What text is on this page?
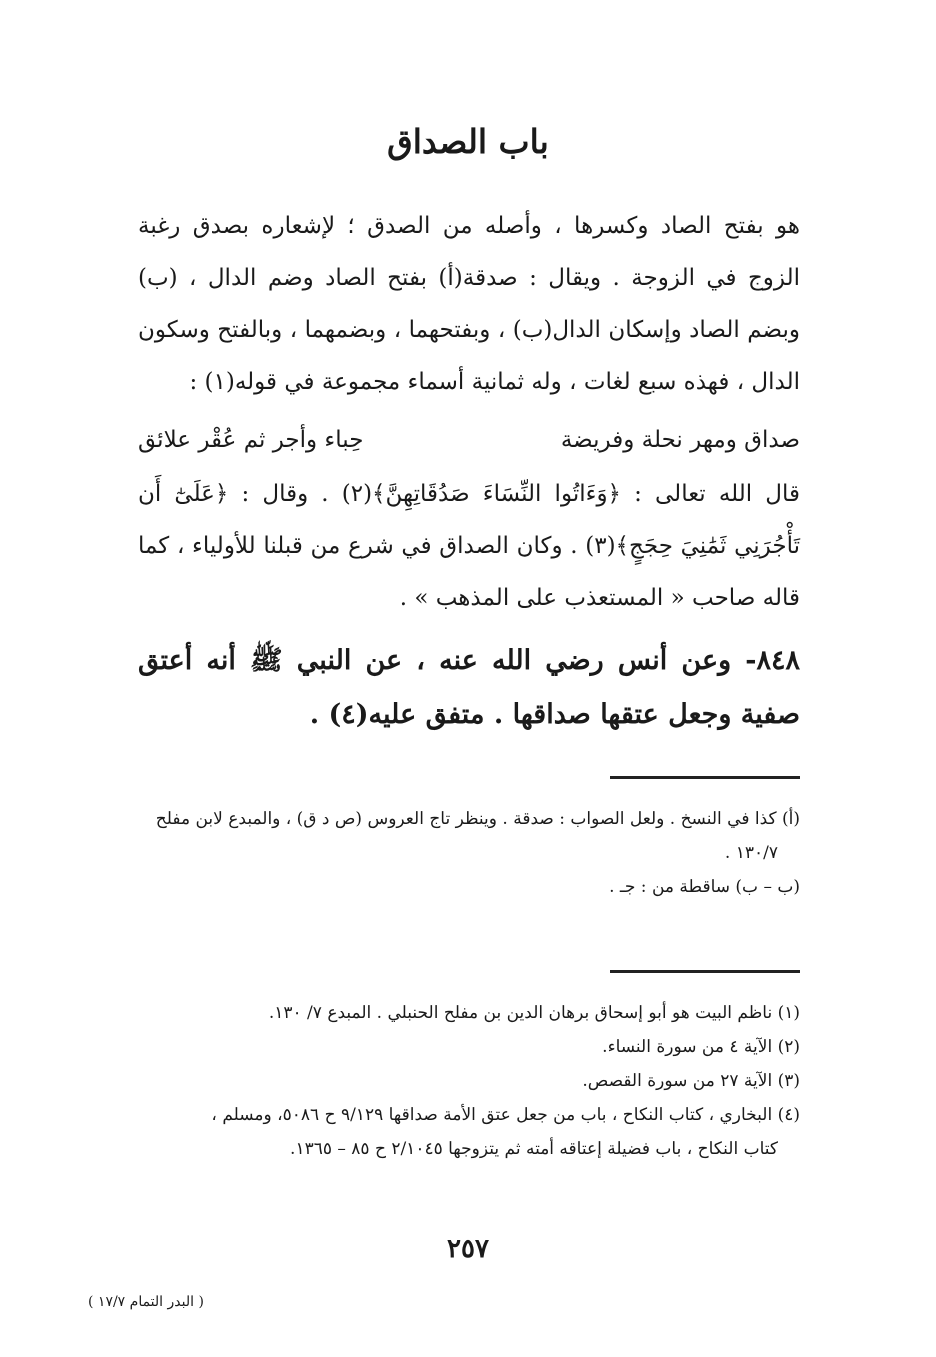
باب الصداق
هو بفتح الصاد وكسرها ، وأصله من الصدق ؛ لإشعاره بصدق رغبة الزوج في الزوجة . ويقال : صدقة(أ) بفتح الصاد وضم الدال ، (ب) وبضم الصاد وإسكان الدال(ب) ، وبفتحهما ، وبضمهما ، وبالفتح وسكون الدال ، فهذه سبع لغات ، وله ثمانية أسماء مجموعة في قوله(١) :
صداق ومهر نحلة وفريضة
حِباء وأجر ثم عُقْر علائق
قال الله تعالى : ﴿وَءَاتُوا النِّسَاءَ صَدُقَاتِهِنَّ﴾(٢) . وقال : ﴿عَلَىٰٓ أَن تَأْجُرَنِي ثَمَٰنِيَ حِجَجٍ﴾(٣) . وكان الصداق في شرع من قبلنا للأولياء ، كما قاله صاحب « المستعذب على المذهب » .
٨٤٨- وعن أنس رضي الله عنه ، عن النبي ﷺ أنه أعتق صفية وجعل عتقها صداقها . متفق عليه(٤) .
(أ) كذا في النسخ . ولعل الصواب : صدقة . وينظر تاج العروس (ص د ق) ، والمبدع لابن مفلح
١٣٠/٧ .
(ب – ب) ساقطة من : جـ .
(١) ناظم البيت هو أبو إسحاق برهان الدين بن مفلح الحنبلي . المبدع ٧/ ١٣٠.
(٢) الآية ٤ من سورة النساء.
(٣) الآية ٢٧ من سورة القصص.
(٤) البخاري ، كتاب النكاح ، باب من جعل عتق الأمة صداقها ٩/١٢٩ ح ٥٠٨٦، ومسلم ،
كتاب النكاح ، باب فضيلة إعتاقه أمته ثم يتزوجها ٢/١٠٤٥ ح ٨٥ – ١٣٦٥.
٢٥٧
( البدر التمام ١٧/٧ )
